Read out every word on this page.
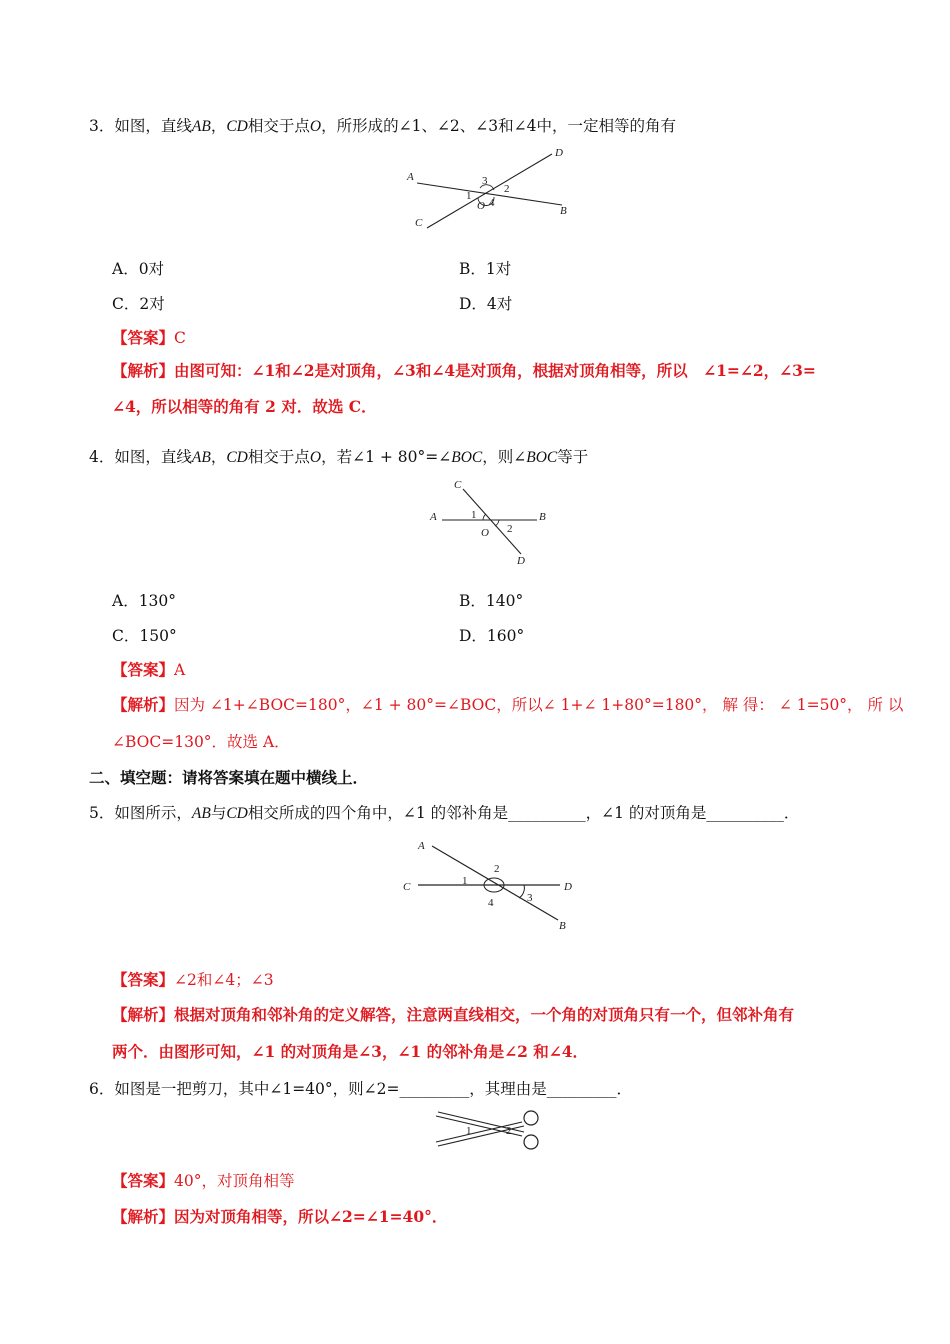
3．如图，直线AB，CD相交于点O，所形成的∠1、∠2、∠3和∠4中，一定相等的角有
A
B
C
D
O
1
2
3
4
A．0对	B．1对
C．2对	D．4对
【答案】C
【解析】由图可知：∠1和∠2是对顶角，∠3和∠4是对顶角，根据对顶角相等，所以　∠1=∠2，∠3=
∠4，所以相等的角有 2 对．故选 C．
4．如图，直线AB，CD相交于点O，若∠1 + 80°=∠BOC，则∠BOC等于
A	B
C
D
O
1
2
A．130°	B．140°
C．150°	D．160°
【答案】A
【解析】因为 ∠1+∠BOC=180°，∠1 + 80°=∠BOC，所以∠ 1+∠ 1+80°=180°， 解 得： ∠ 1=50°， 所 以
∠BOC=130°．故选 A．
二、填空题：请将答案填在题中横线上．
5．如图所示，AB与CD相交所成的四个角中，∠1 的邻补角是__________，∠1 的对顶角是__________．
A
B
C	D
1
2
3
4
【答案】∠2和∠4；∠3
【解析】根据对顶角和邻补角的定义解答，注意两直线相交，一个角的对顶角只有一个，但邻补角有
两个．由图形可知，∠1 的对顶角是∠3，∠1 的邻补角是∠2 和∠4．
6．如图是一把剪刀，其中∠1=40°，则∠2=_________，其理由是_________．
1	2
【答案】40°，对顶角相等
【解析】因为对顶角相等，所以∠2=∠1=40°．
